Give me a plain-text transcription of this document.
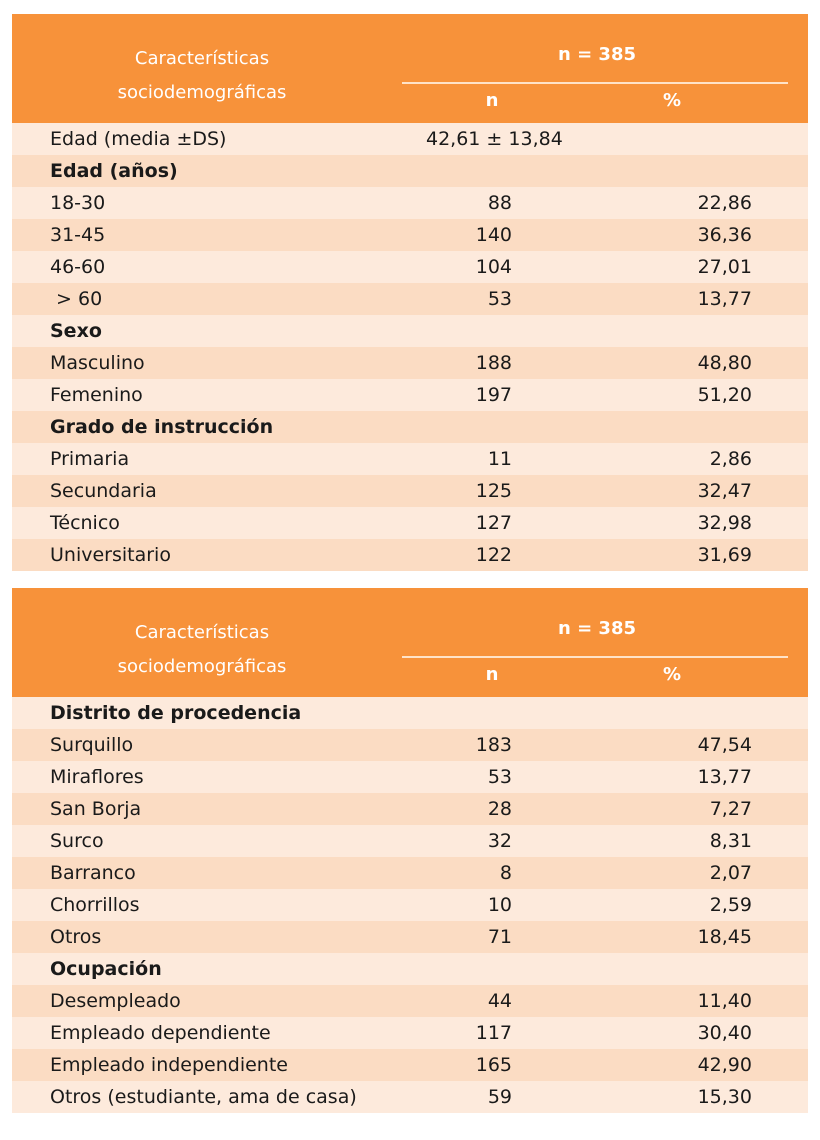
Características
sociodemográficas
n = 385
n	%
Edad (media ±DS)	42,61 ± 13,84
Edad (años)
18-30	88	22,86
31-45	140	36,36
46-60	104	27,01
> 60	53	13,77
Sexo
Masculino	188	48,80
Femenino	197	51,20
Grado de instrucción
Primaria	11	2,86
Secundaria	125	32,47
Técnico	127	32,98
Universitario	122	31,69
Características
sociodemográficas
n = 385
n	%
Distrito de procedencia
Surquillo	183	47,54
Miraflores	53	13,77
San Borja	28	7,27
Surco	32	8,31
Barranco	8	2,07
Chorrillos	10	2,59
Otros	71	18,45
Ocupación
Desempleado	44	11,40
Empleado dependiente	117	30,40
Empleado independiente	165	42,90
Otros (estudiante, ama de casa)	59	15,30
